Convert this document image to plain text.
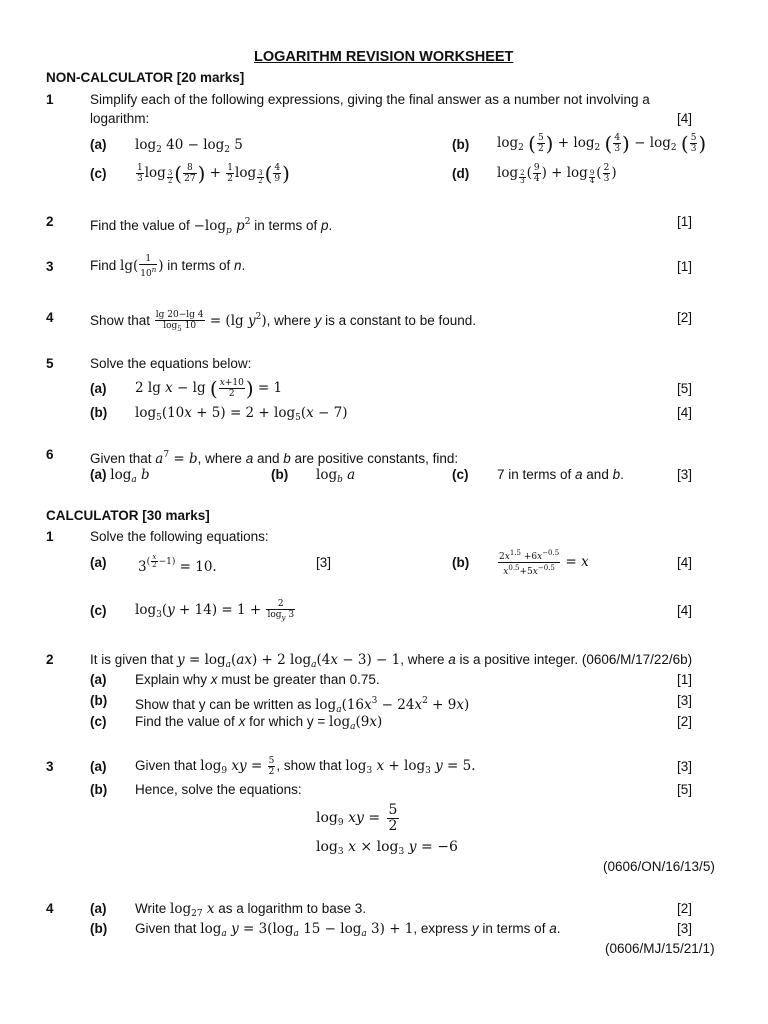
LOGARITHM REVISION WORKSHEET
NON-CALCULATOR [20 marks]
1	Simplify each of the following expressions, giving the final answer as a number not involving a
logarithm:	[4]
(a) $\log_2 40 - \log_2 5$	(b) $\log_2$ ( $\frac{5}{2}$ ) + $\log_2$ ( $\frac{4}{3}$ ) − $\log_2$ ( $\frac{5}{3}$ )
(c)	$\frac{1}{3}$ log $_{\frac{3}{2}}$ ( $\frac{8}{27}$ ) + $\frac{1}{2}$ log $_{\frac{3}{2}}$ ( $\frac{4}{9}$ )	(d) log $_{\frac{2}{3}}$ ( $\frac{9}{4}$ ) + log $_{\frac{9}{4}}$ ( $\frac{2}{3}$ )
2	Find the value of $-\log_p$ $p^2$ in terms of p.	[1]
3	Find $\lg( \frac{1}{10^n}$ ) in terms of n.	[1]
4	Show that $\frac{\lg 20-\lg 4}{\log_5 10} = (\lg$ $y^2$), where y is a constant to be found.	[2]
5	Solve the equations below:
(a) 2 lg x − lg ( $\frac{x+10}{2}$ ) = 1	[5]
(b) $\log_5(10x + 5) = 2 + \log_5(x - 7)$	[4]
6	Given that $a^7 = b$, where a and b are positive constants, find:
(a) $\log_a b$	(b) $\log_b a$	(c) 7 in terms of a and b.	[3]
CALCULATOR [30 marks]
1	Solve the following equations:
(a) $3^{( \frac{x}{2} -1)} = 10$.	[3]	(b)	$\frac{2x^{1.5} +6x^{-0.5}}{x^{0.5}+5x^{-0.5}} = x$	[4]
(c) $\log_3(y + 14) = 1 + \frac{2}{\log_y 3}$	[4]
2	It is given that $y = \log_a(ax) + 2$ $\log_a(4x - 3) - 1$, where a is a positive integer. (0606/M/17/22/6b)
(a) Explain why x must be greater than 0.75.	[1]
(b) Show that y can be written as $\log_a(16x^3 - 24x^2 + 9x)$	[3]
(c) Find the value of x for which $y = \log_a(9x)$	[2]
3	(a) Given that $\log_9$ xy = $\frac{5}{2}$ , show that $\log_3 x + \log_3 y = 5$.	[3]
(b) Hence, solve the equations:	[5]
$\log_9$ xy = $\frac{5}{2}$
$\log_3 x \times \log_3 y = -6$
(0606/ON/16/13/5)
4	(a) Write $\log_{27} x$ as a logarithm to base 3.	[2]
(b) Given that $\log_a y = 3(\log_a$ $15 - \log_a 3) + 1$, express y in terms of a.	[3]
(0606/MJ/15/21/1)
